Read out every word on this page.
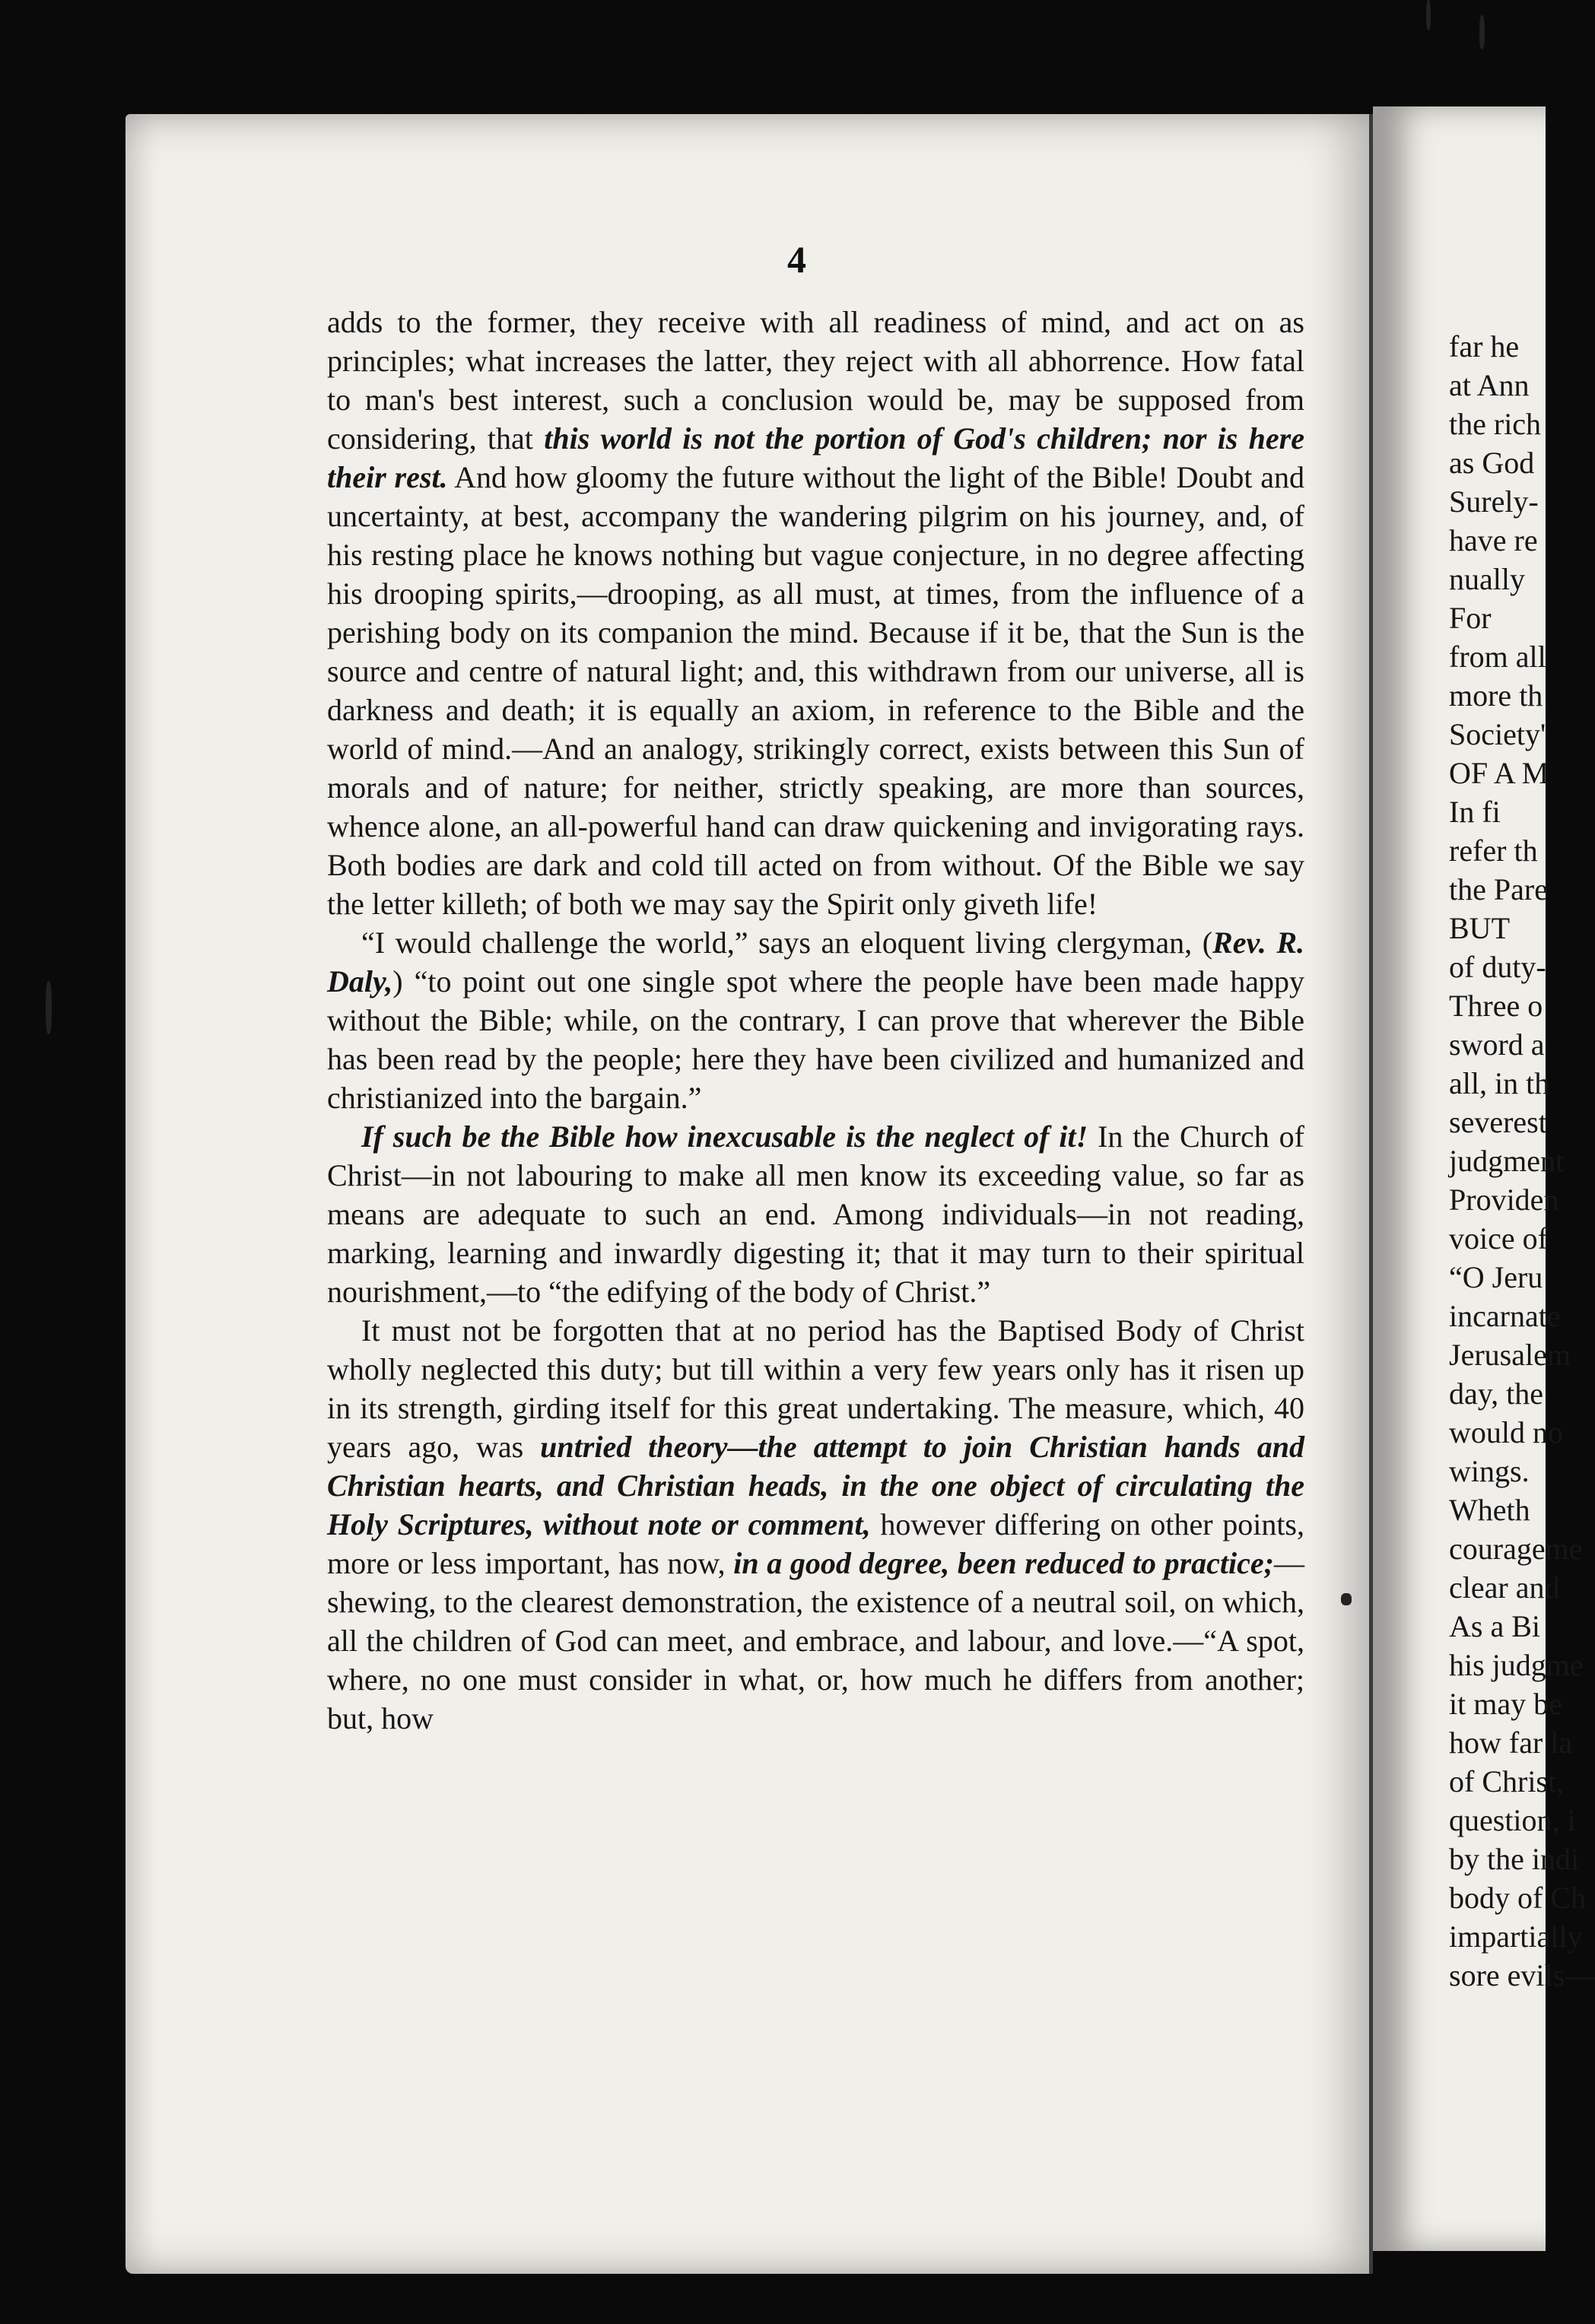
4

adds to the former, they receive with all readiness of mind, and act on as principles; what increases the latter, they reject with all abhorrence. How fatal to man's best interest, such a conclusion would be, may be supposed from considering, that this world is not the portion of God's children; nor is here their rest. And how gloomy the future without the light of the Bible! Doubt and uncertainty, at best, accompany the wandering pilgrim on his journey, and, of his resting place he knows nothing but vague conjecture, in no degree affecting his drooping spirits,—drooping, as all must, at times, from the influence of a perishing body on its companion the mind. Because if it be, that the Sun is the source and centre of natural light; and, this withdrawn from our universe, all is darkness and death; it is equally an axiom, in reference to the Bible and the world of mind.—And an analogy, strikingly correct, exists between this Sun of morals and of nature; for neither, strictly speaking, are more than sources, whence alone, an all-powerful hand can draw quickening and invigorating rays. Both bodies are dark and cold till acted on from without. Of the Bible we say the letter killeth; of both we may say the Spirit only giveth life!

“I would challenge the world,” says an eloquent living clergyman, (Rev. R. Daly,) “to point out one single spot where the people have been made happy without the Bible; while, on the contrary, I can prove that wherever the Bible has been read by the people; here they have been civilized and humanized and christianized into the bargain.”

If such be the Bible how inexcusable is the neglect of it! In the Church of Christ—in not labouring to make all men know its exceeding value, so far as means are adequate to such an end. Among individuals—in not reading, marking, learning and inwardly digesting it; that it may turn to their spiritual nourishment,—to “the edifying of the body of Christ.”

It must not be forgotten that at no period has the Baptised Body of Christ wholly neglected this duty; but till within a very few years only has it risen up in its strength, girding itself for this great undertaking. The measure, which, 40 years ago, was untried theory—the attempt to join Christian hands and Christian hearts, and Christian heads, in the one object of circulating the Holy Scriptures, without note or comment, however differing on other points, more or less important, has now, in a good degree, been reduced to practice;—shewing, to the clearest demonstration, the existence of a neutral soil, on which, all the children of God can meet, and embrace, and labour, and love.—“A spot, where, no one must consider in what, or, how much he differs from another; but, how

far he
at Ann
the rich
as God
Surely-
have re
nually
For
from all
more th
Society'
OF A M
In fi
refer th
the Pare
BUT
of duty-
Three o
sword a
all, in th
severest
judgment
Providen
voice of
“O Jeru
incarnate
Jerusalem
day, the
would no
wings.
Wheth
courageme
clear and
As a Bi
his judgme
it may be
how far la
of Christ,
question, i
by the indi
body of Ch
impartially
sore evils—
